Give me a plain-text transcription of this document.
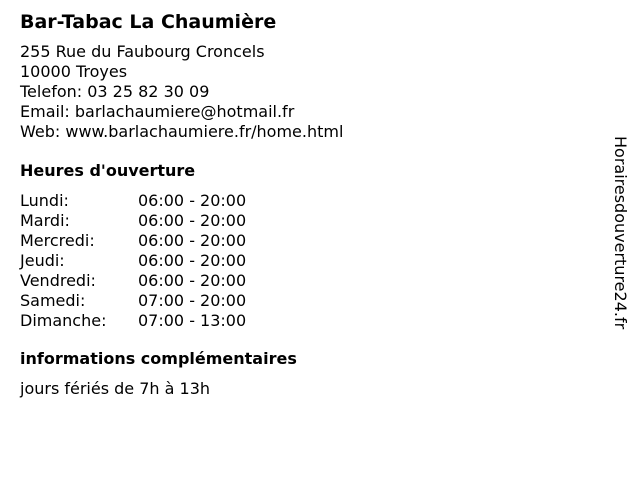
Bar-Tabac La Chaumière
255 Rue du Faubourg Croncels
10000 Troyes
Telefon: 03 25 82 30 09
Email: barlachaumiere@hotmail.fr
Web: www.barlachaumiere.fr/home.html
Heures d'ouverture
Lundi:	06:00 - 20:00
Mardi:	06:00 - 20:00
Mercredi:	06:00 - 20:00
Jeudi:	06:00 - 20:00
Vendredi:	06:00 - 20:00
Samedi:	07:00 - 20:00
Dimanche:	07:00 - 13:00
informations complémentaires
jours fériés de 7h à 13h
Horairesdouverture24.fr
